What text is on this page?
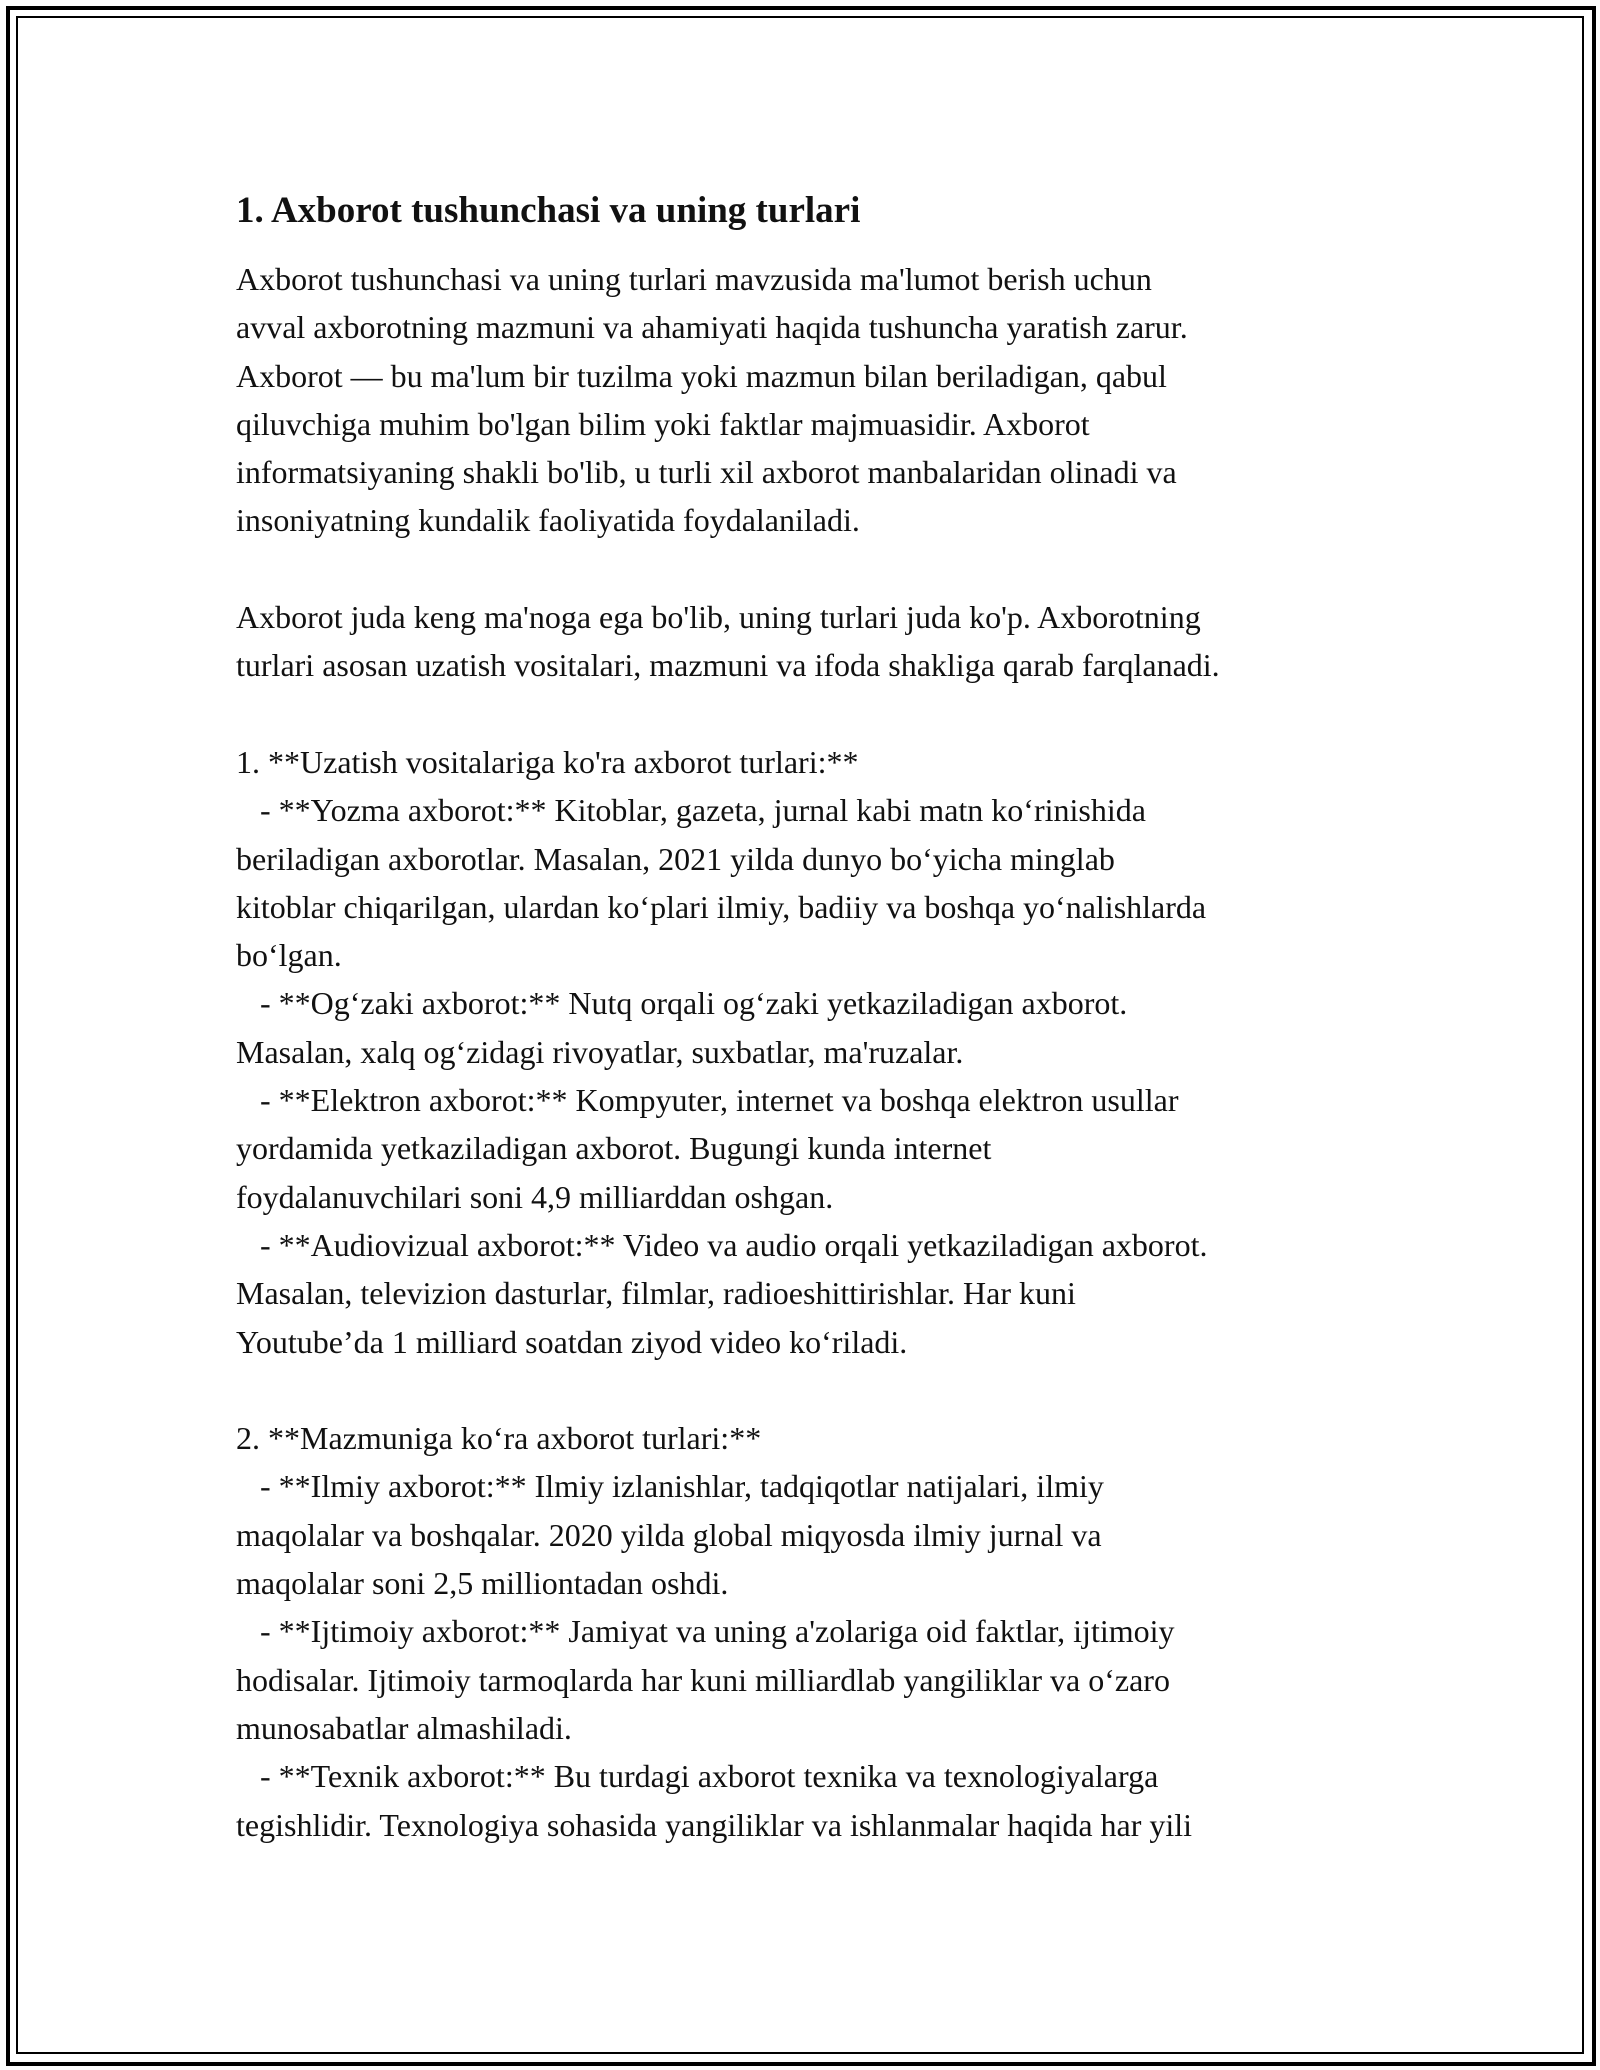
1. Axborot tushunchasi va uning turlari
Axborot tushunchasi va uning turlari mavzusida ma'lumot berish uchun
avval axborotning mazmuni va ahamiyati haqida tushuncha yaratish zarur.
Axborot — bu ma'lum bir tuzilma yoki mazmun bilan beriladigan, qabul
qiluvchiga muhim bo'lgan bilim yoki faktlar majmuasidir. Axborot
informatsiyaning shakli bo'lib, u turli xil axborot manbalaridan olinadi va
insoniyatning kundalik faoliyatida foydalaniladi.
Axborot juda keng ma'noga ega bo'lib, uning turlari juda ko'p. Axborotning
turlari asosan uzatish vositalari, mazmuni va ifoda shakliga qarab farqlanadi.
1. **Uzatish vositalariga ko'ra axborot turlari:**
- **Yozma axborot:** Kitoblar, gazeta, jurnal kabi matn ko‘rinishida
beriladigan axborotlar. Masalan, 2021 yilda dunyo bo‘yicha minglab
kitoblar chiqarilgan, ulardan ko‘plari ilmiy, badiiy va boshqa yo‘nalishlarda
bo‘lgan.
- **Og‘zaki axborot:** Nutq orqali og‘zaki yetkaziladigan axborot.
Masalan, xalq og‘zidagi rivoyatlar, suxbatlar, ma'ruzalar.
- **Elektron axborot:** Kompyuter, internet va boshqa elektron usullar
yordamida yetkaziladigan axborot. Bugungi kunda internet
foydalanuvchilari soni 4,9 milliarddan oshgan.
- **Audiovizual axborot:** Video va audio orqali yetkaziladigan axborot.
Masalan, televizion dasturlar, filmlar, radioeshittirishlar. Har kuni
Youtube’da 1 milliard soatdan ziyod video ko‘riladi.
2. **Mazmuniga ko‘ra axborot turlari:**
- **Ilmiy axborot:** Ilmiy izlanishlar, tadqiqotlar natijalari, ilmiy
maqolalar va boshqalar. 2020 yilda global miqyosda ilmiy jurnal va
maqolalar soni 2,5 milliontadan oshdi.
- **Ijtimoiy axborot:** Jamiyat va uning a'zolariga oid faktlar, ijtimoiy
hodisalar. Ijtimoiy tarmoqlarda har kuni milliardlab yangiliklar va o‘zaro
munosabatlar almashiladi.
- **Texnik axborot:** Bu turdagi axborot texnika va texnologiyalarga
tegishlidir. Texnologiya sohasida yangiliklar va ishlanmalar haqida har yili
